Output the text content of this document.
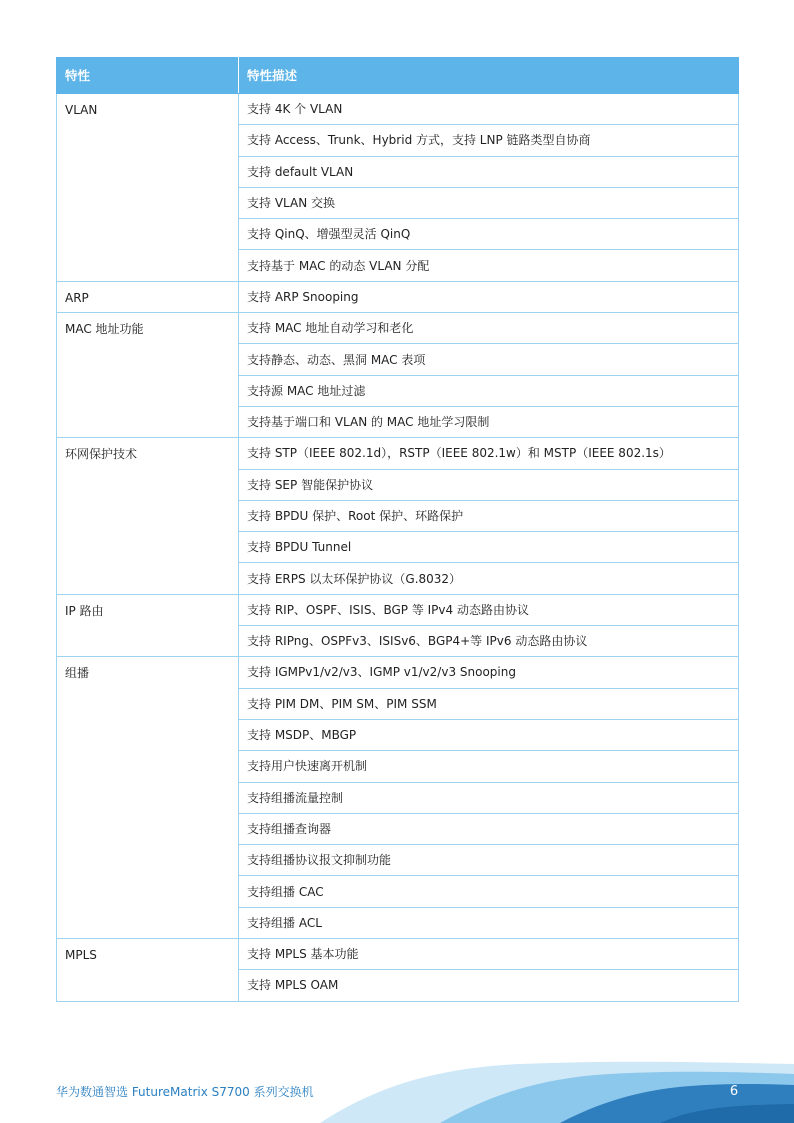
特性	特性描述
VLAN	支持 4K 个 VLAN
	支持 Access、Trunk、Hybrid 方式，支持 LNP 链路类型自协商
	支持 default VLAN
	支持 VLAN 交换
	支持 QinQ、增强型灵活 QinQ
	支持基于 MAC 的动态 VLAN 分配
ARP	支持 ARP Snooping
MAC 地址功能	支持 MAC 地址自动学习和老化
	支持静态、动态、黑洞 MAC 表项
	支持源 MAC 地址过滤
	支持基于端口和 VLAN 的 MAC 地址学习限制
环网保护技术	支持 STP（IEEE 802.1d），RSTP（IEEE 802.1w）和 MSTP（IEEE 802.1s）
	支持 SEP 智能保护协议
	支持 BPDU 保护、Root 保护、环路保护
	支持 BPDU Tunnel
	支持 ERPS 以太环保护协议（G.8032）
IP 路由	支持 RIP、OSPF、ISIS、BGP 等 IPv4 动态路由协议
	支持 RIPng、OSPFv3、ISISv6、BGP4+等 IPv6 动态路由协议
组播	支持 IGMPv1/v2/v3、IGMP v1/v2/v3 Snooping
	支持 PIM DM、PIM SM、PIM SSM
	支持 MSDP、MBGP
	支持用户快速离开机制
	支持组播流量控制
	支持组播查询器
	支持组播协议报文抑制功能
	支持组播 CAC
	支持组播 ACL
MPLS	支持 MPLS 基本功能
	支持 MPLS OAM
华为数通智选 FutureMatrix S7700 系列交换机	6
